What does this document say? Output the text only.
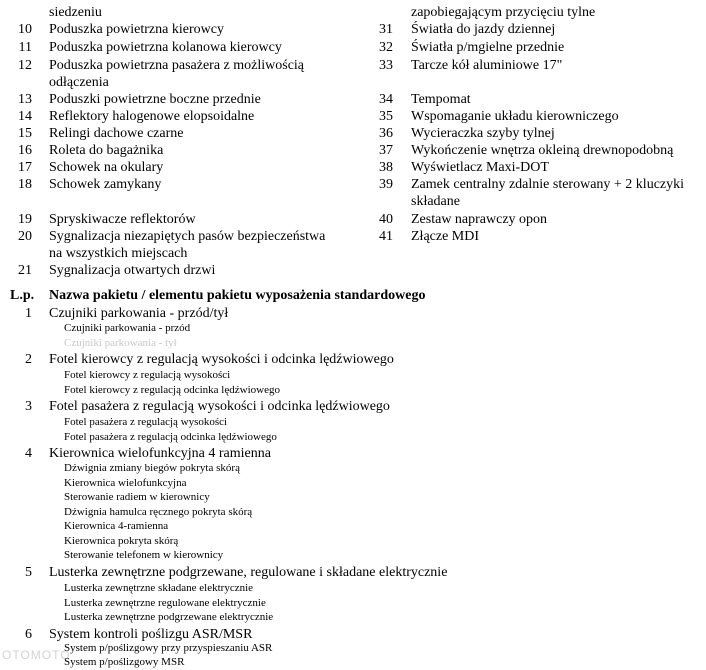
siedzeniu
10 Poduszka powietrzna kierowcy
11 Poduszka powietrzna kolanowa kierowcy
12 Poduszka powietrzna pasażera z możliwością
odłączenia
13 Poduszki powietrzne boczne przednie
14 Reflektory halogenowe elopsoidalne
15 Relingi dachowe czarne
16 Roleta do bagażnika
17 Schowek na okulary
18 Schowek zamykany
19 Spryskiwacze reflektorów
20 Sygnalizacja niezapiętych pasów bezpieczeństwa
na wszystkich miejscach
21 Sygnalizacja otwartych drzwi
zapobiegającym przycięciu tylne
31 Światła do jazdy dziennej
32 Światła p/mgielne przednie
33 Tarcze kół aluminiowe 17"
34 Tempomat
35 Wspomaganie układu kierowniczego
36 Wycieraczka szyby tylnej
37 Wykończenie wnętrza okleiną drewnopodobną
38 Wyświetlacz Maxi-DOT
39 Zamek centralny zdalnie sterowany + 2 kluczyki
składane
40 Zestaw naprawczy opon
41 Złącze MDI
L.p. Nazwa pakietu / elementu pakietu wyposażenia standardowego
1 Czujniki parkowania - przód/tył
Czujniki parkowania - przód
Czujniki parkowania - tył
2 Fotel kierowcy z regulacją wysokości i odcinka lędźwiowego
Fotel kierowcy z regulacją wysokości
Fotel kierowcy z regulacją odcinka lędźwiowego
3 Fotel pasażera z regulacją wysokości i odcinka lędźwiowego
Fotel pasażera z regulacją wysokości
Fotel pasażera z regulacją odcinka lędźwiowego
4 Kierownica wielofunkcyjna 4 ramienna
Dźwignia zmiany biegów pokryta skórą
Kierownica wielofunkcyjna
Sterowanie radiem w kierownicy
Dźwignia hamulca ręcznego pokryta skórą
Kierownica 4-ramienna
Kierownica pokryta skórą
Sterowanie telefonem w kierownicy
5 Lusterka zewnętrzne podgrzewane, regulowane i składane elektrycznie
Lusterka zewnętrzne składane elektrycznie
Lusterka zewnętrzne regulowane elektrycznie
Lusterka zewnętrzne podgrzewane elektrycznie
6 System kontroli poślizgu ASR/MSR
System p/poślizgowy przy przyspieszaniu ASR
System p/poślizgowy MSR
OTOMOTO
